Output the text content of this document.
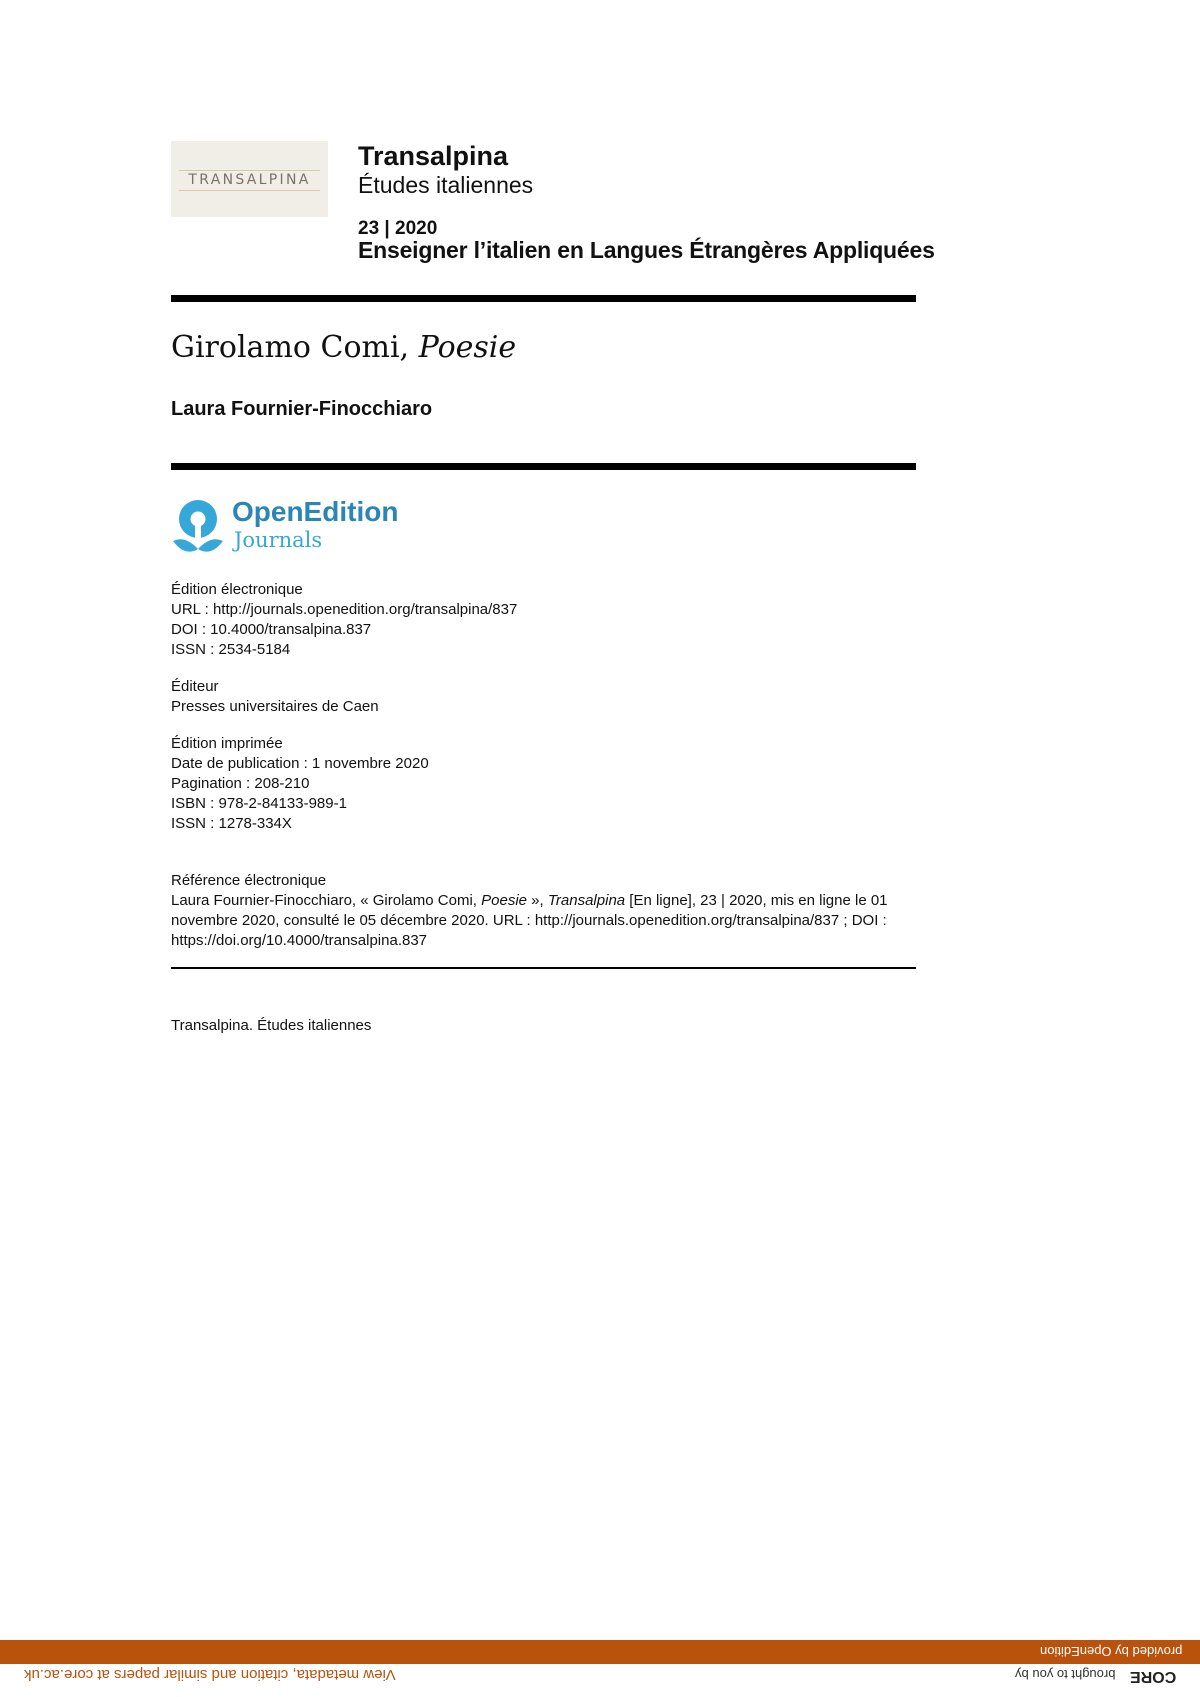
TRANSALPINA
Transalpina
Études italiennes
23 | 2020
Enseigner l’italien en Langues Étrangères Appliquées
Girolamo Comi, Poesie
Laura Fournier-Finocchiaro
OpenEdition
Journals
Édition électronique
URL : http://journals.openedition.org/transalpina/837
DOI : 10.4000/transalpina.837
ISSN : 2534-5184
Éditeur
Presses universitaires de Caen
Édition imprimée
Date de publication : 1 novembre 2020
Pagination : 208-210
ISBN : 978-2-84133-989-1
ISSN : 1278-334X
Référence électronique
Laura Fournier-Finocchiaro, « Girolamo Comi, Poesie », Transalpina [En ligne], 23 | 2020, mis en ligne le 01 novembre 2020, consulté le 05 décembre 2020. URL : http://journals.openedition.org/transalpina/837 ; DOI : https://doi.org/10.4000/transalpina.837
Transalpina. Études italiennes
provided by OpenEdition
View metadata, citation and similar papers at core.ac.uk	brought to you by CORE
